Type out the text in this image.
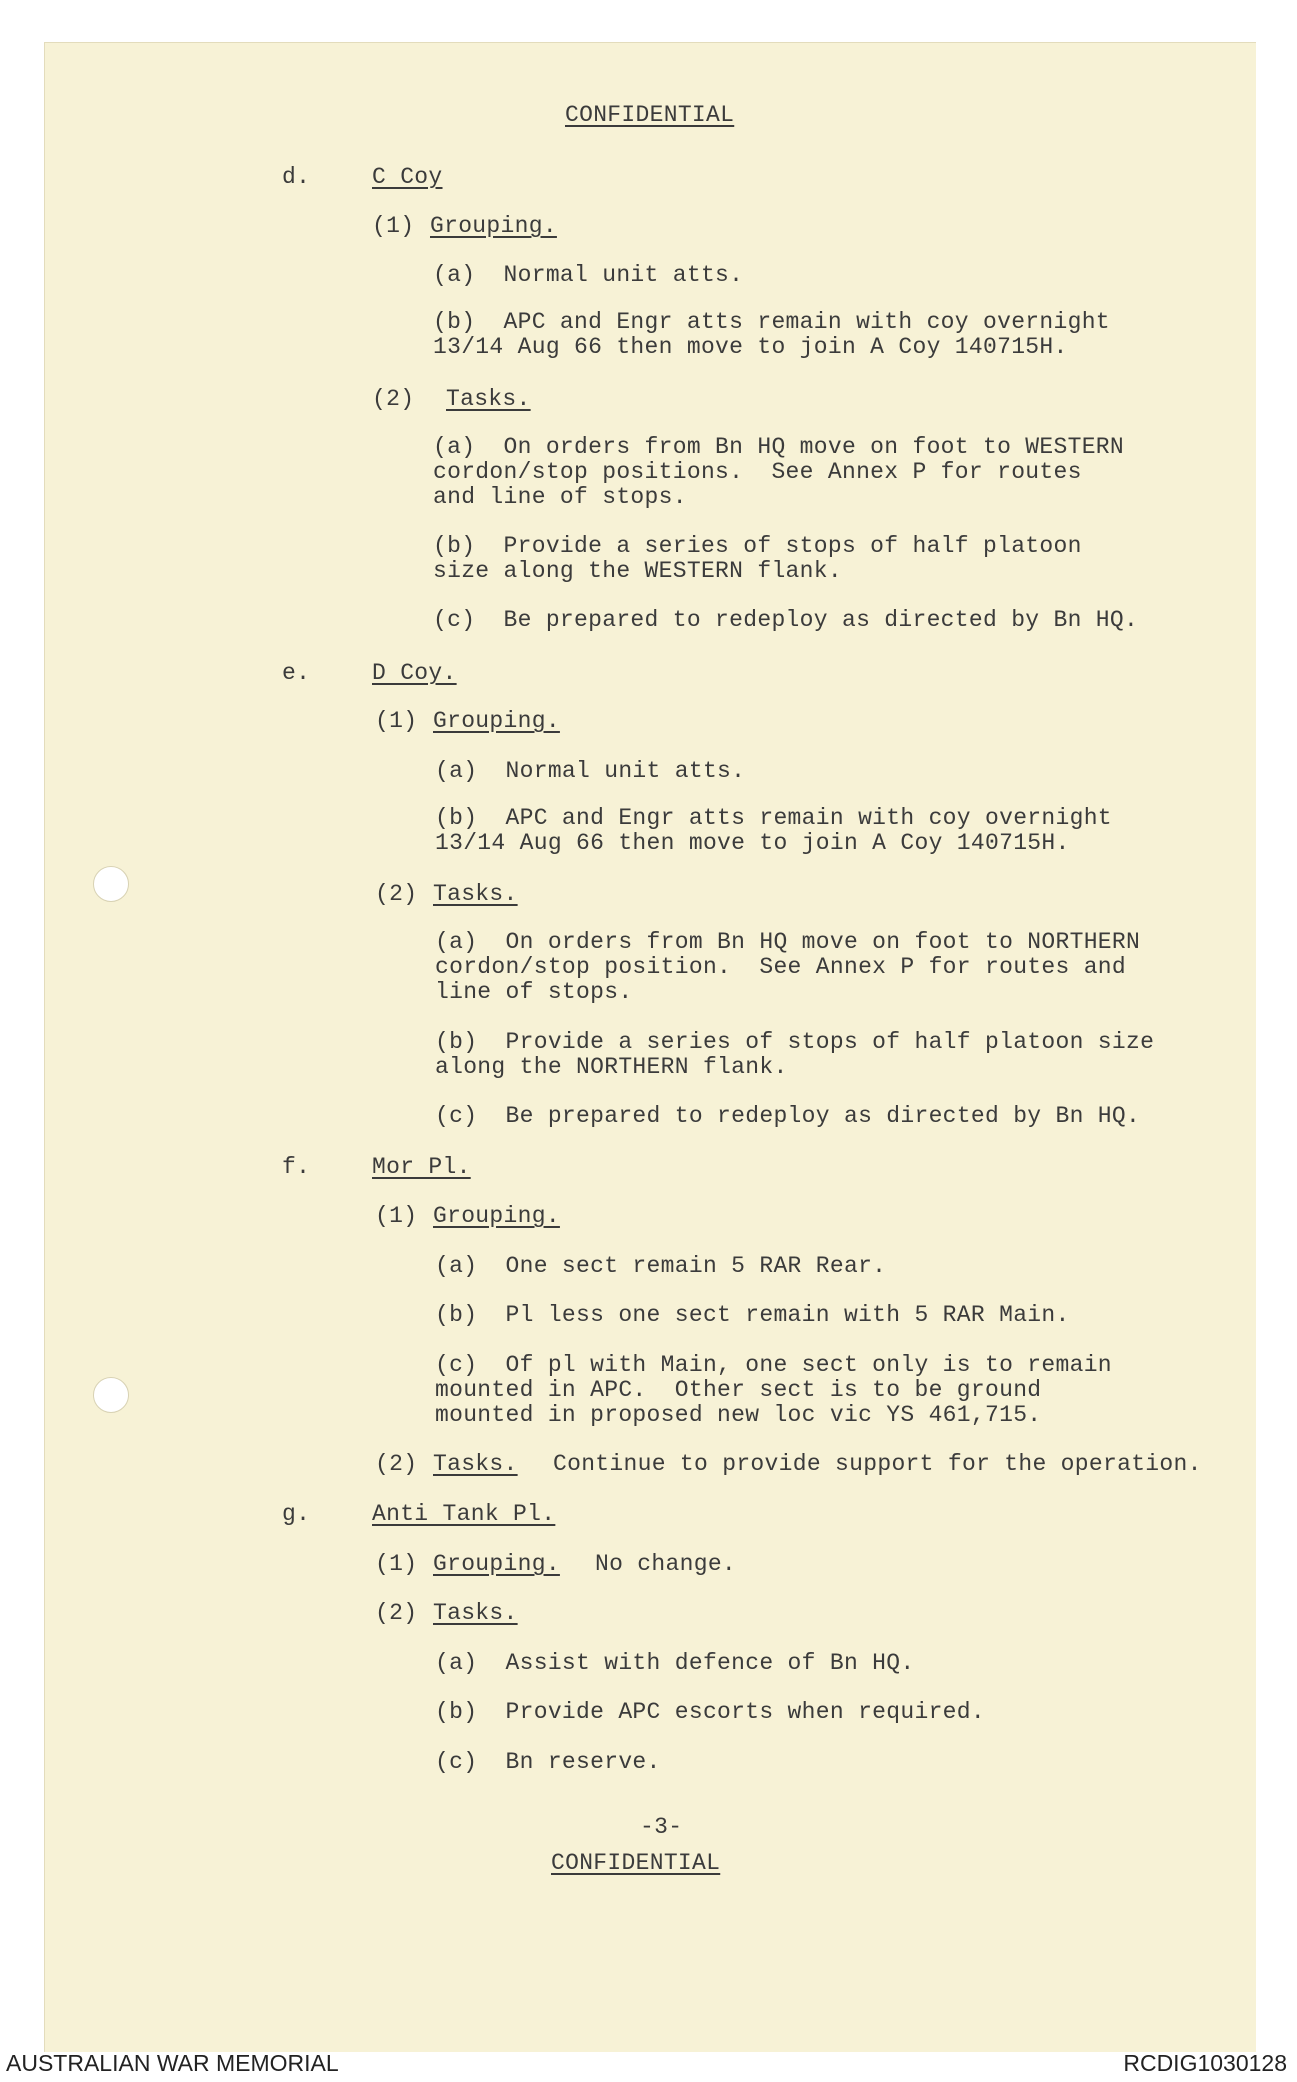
CONFIDENTIAL
d.	C Coy
(1) Grouping.
(a)  Normal unit atts.
(b)  APC and Engr atts remain with coy overnight
13/14 Aug 66 then move to join A Coy 140715H.
(2) Tasks.
(a)  On orders from Bn HQ move on foot to WESTERN
cordon/stop positions.  See Annex P for routes
and line of stops.
(b)  Provide a series of stops of half platoon
size along the WESTERN flank.
(c)  Be prepared to redeploy as directed by Bn HQ.
e.	D Coy.
(1) Grouping.
(a)  Normal unit atts.
(b)  APC and Engr atts remain with coy overnight
13/14 Aug 66 then move to join A Coy 140715H.
(2) Tasks.
(a)  On orders from Bn HQ move on foot to NORTHERN
cordon/stop position.  See Annex P for routes and
line of stops.
(b)  Provide a series of stops of half platoon size
along the NORTHERN flank.
(c)  Be prepared to redeploy as directed by Bn HQ.
f.	Mor Pl.
(1) Grouping.
(a)  One sect remain 5 RAR Rear.
(b)  Pl less one sect remain with 5 RAR Main.
(c)  Of pl with Main, one sect only is to remain
mounted in APC.  Other sect is to be ground
mounted in proposed new loc vic YS 461,715.
(2) Tasks. Continue to provide support for the operation.
g.	Anti Tank Pl.
(1) Grouping. No change.
(2) Tasks.
(a)  Assist with defence of Bn HQ.
(b)  Provide APC escorts when required.
(c)  Bn reserve.
-3-
CONFIDENTIAL
AUSTRALIAN WAR MEMORIAL	RCDIG1030128
